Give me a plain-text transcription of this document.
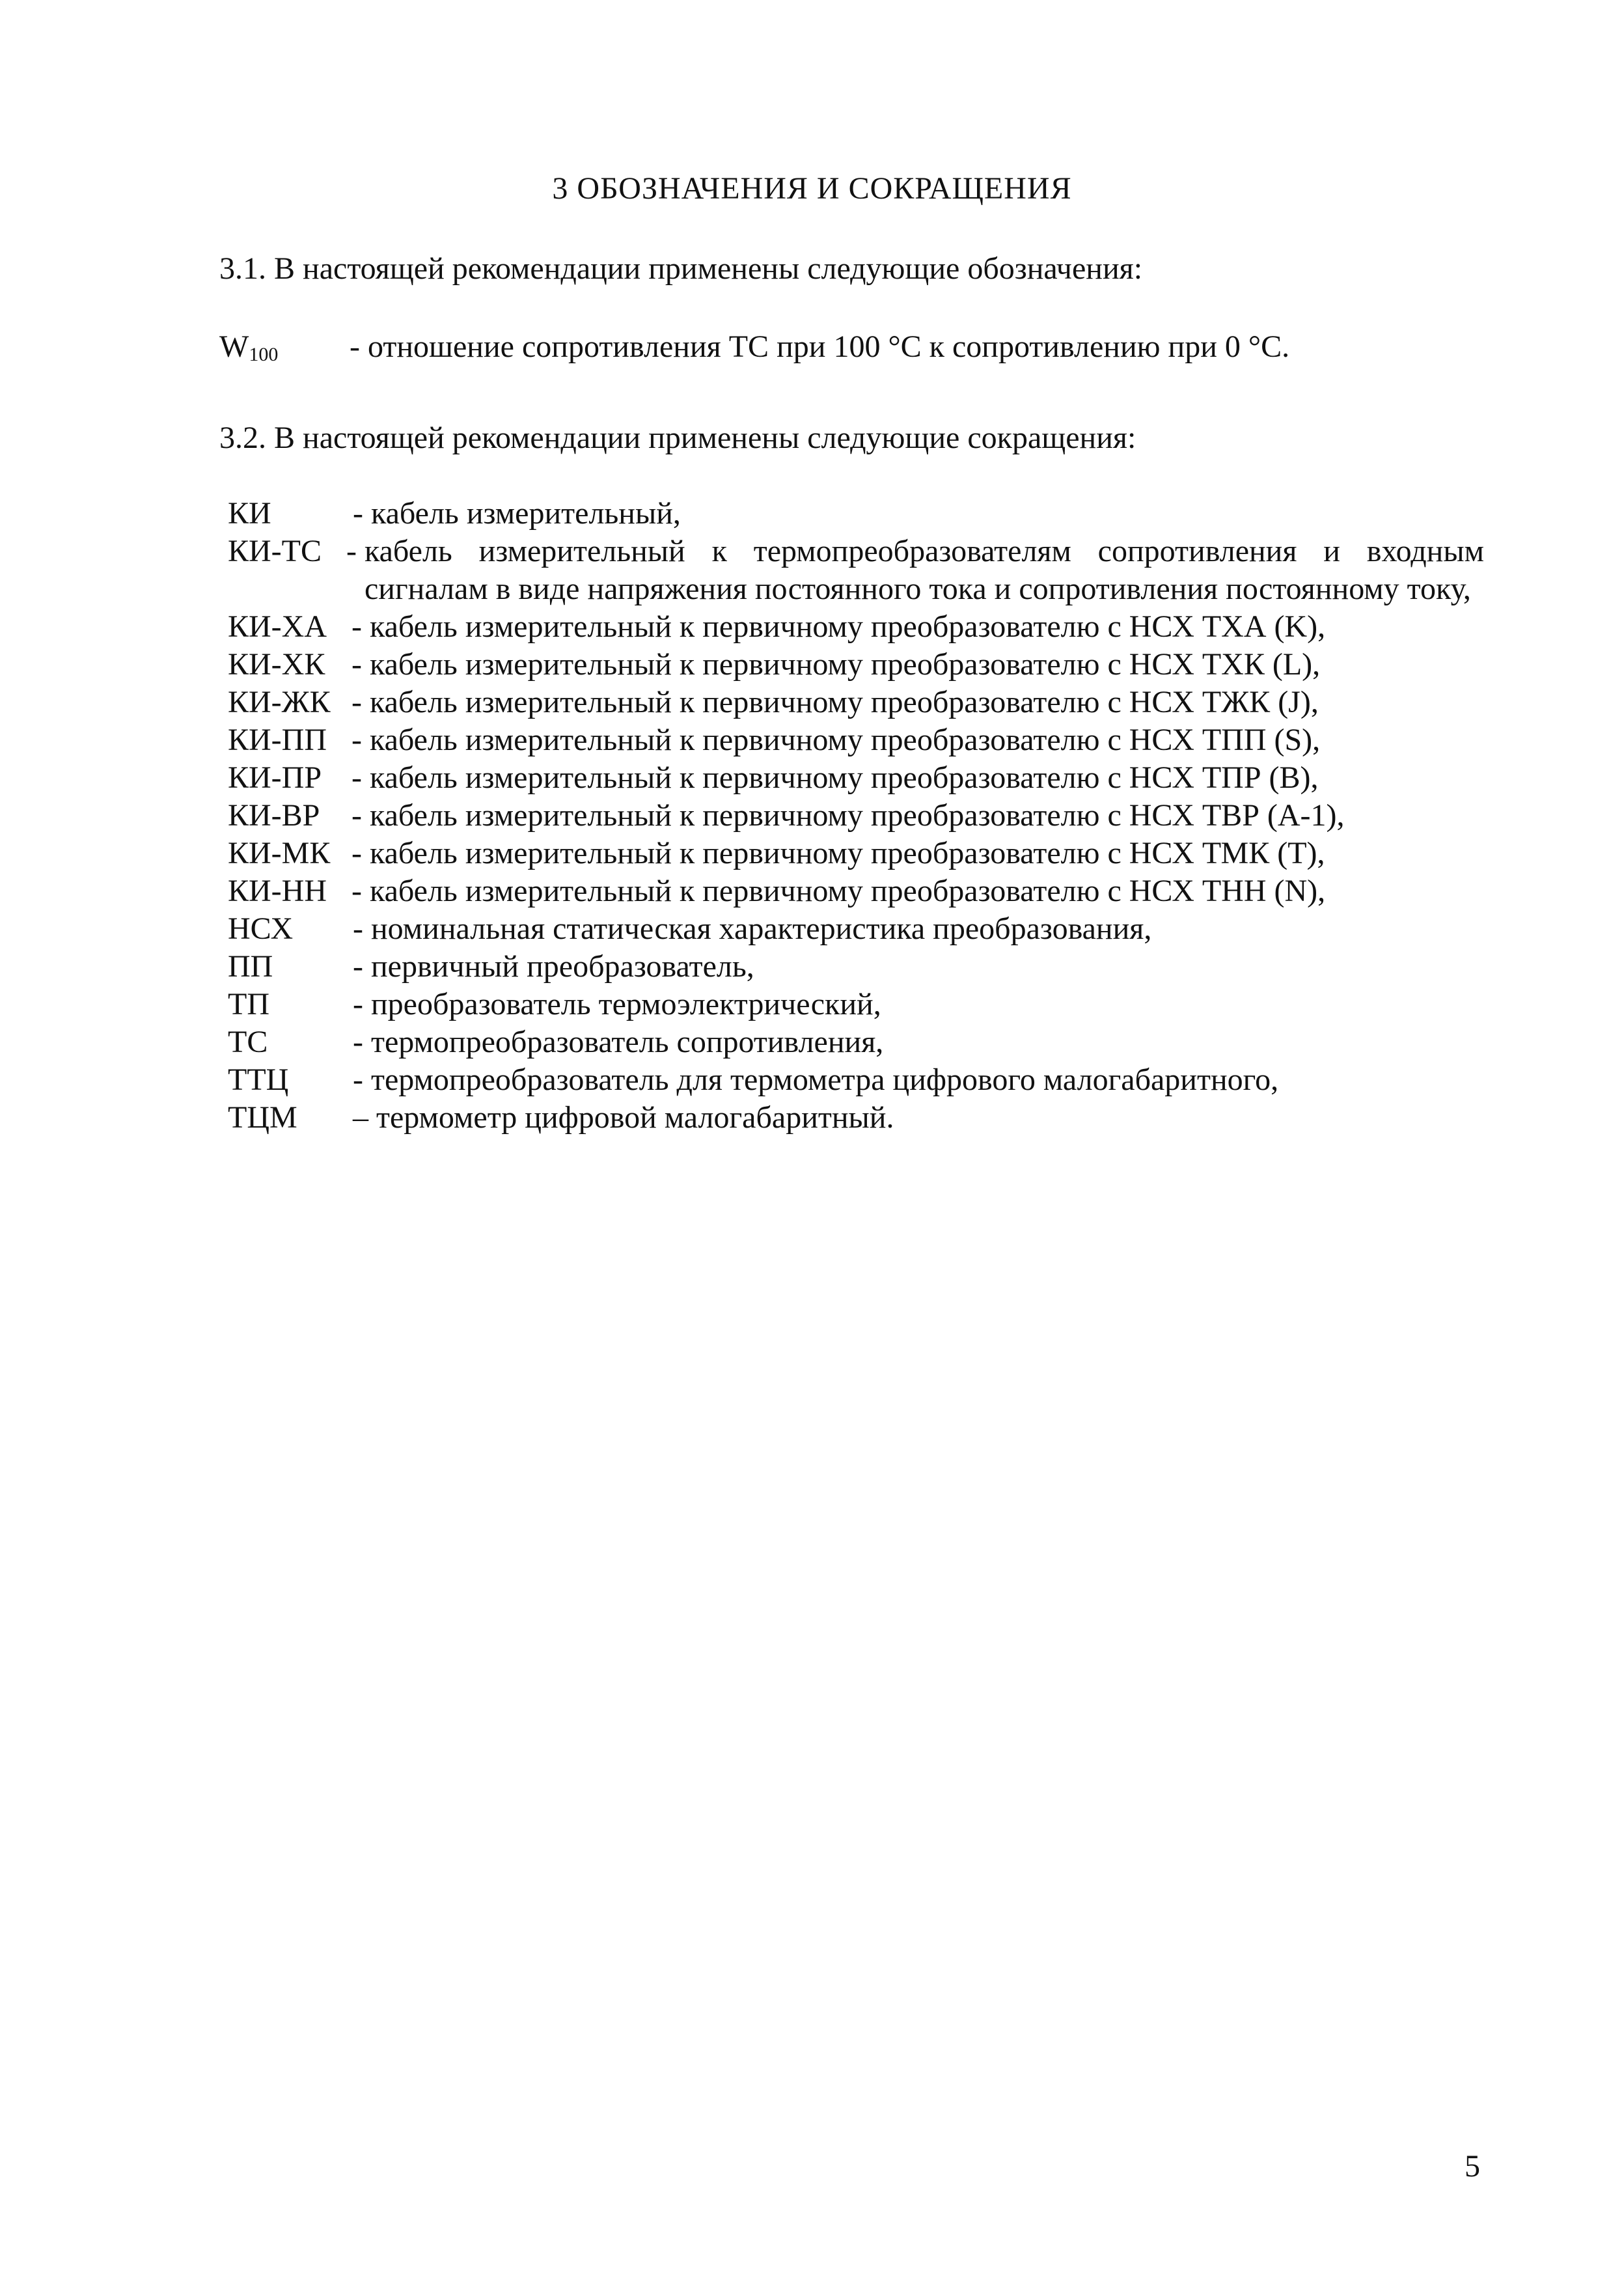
3 ОБОЗНАЧЕНИЯ И СОКРАЩЕНИЯ
3.1. В настоящей рекомендации применены следующие обозначения:
$W_{100}$ - отношение сопротивления ТС при 100 °С к сопротивлению при 0 °С.
3.2. В настоящей рекомендации применены следующие сокращения:
КИ	- кабель измерительный,
КИ-ТС - кабель измерительный к термопреобразователям сопротивления и входным сигналам в виде напряжения постоянного тока и сопротивления постоянному току,
КИ-ХА - кабель измерительный к первичному преобразователю с НСХ ТХА (K),
КИ-ХК - кабель измерительный к первичному преобразователю с НСХ ТХК (L),
КИ-ЖК - кабель измерительный к первичному преобразователю с НСХ ТЖК (J),
КИ-ПП - кабель измерительный к первичному преобразователю с НСХ ТПП (S),
КИ-ПР - кабель измерительный к первичному преобразователю с НСХ ТПР (B),
КИ-ВР	- кабель измерительный к первичному преобразователю с НСХ ТВР (А-1),
КИ-МК - кабель измерительный к первичному преобразователю с НСХ ТМК (Т),
КИ-НН - кабель измерительный к первичному преобразователю с НСХ ТНН (N),
НСХ	- номинальная статическая характеристика преобразования,
ПП	- первичный преобразователь,
ТП	- преобразователь термоэлектрический,
ТС	- термопреобразователь сопротивления,
ТТЦ	- термопреобразователь для термометра цифрового малогабаритного,
ТЦМ	– термометр цифровой малогабаритный.
5
